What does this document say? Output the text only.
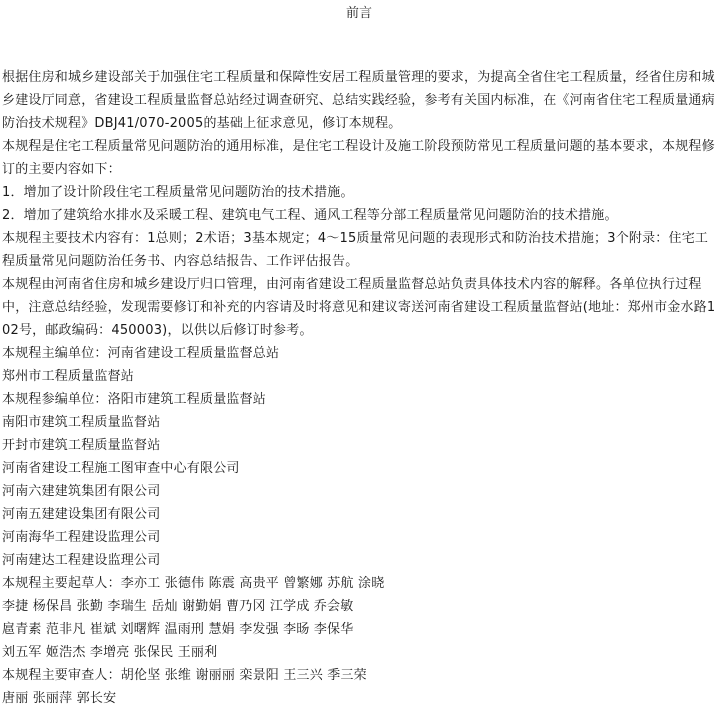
前言

根据住房和城乡建设部关于加强住宅工程质量和保障性安居工程质量管理的要求，为提高全省住宅工程质量，经省住房和城乡建设厅同意，省建设工程质量监督总站经过调查研究、总结实践经验，参考有关国内标准，在《河南省住宅工程质量通病防治技术规程》DBJ41/070-2005的基础上征求意见，修订本规程。

本规程是住宅工程质量常见问题防治的通用标准，是住宅工程设计及施工阶段预防常见工程质量问题的基本要求，本规程修订的主要内容如下：

1．增加了设计阶段住宅工程质量常见问题防治的技术措施。

2．增加了建筑给水排水及采暖工程、建筑电气工程、通风工程等分部工程质量常见问题防治的技术措施。

本规程主要技术内容有：1总则；2术语；3基本规定；4～15质量常见问题的表现形式和防治技术措施；3个附录：住宅工程质量常见问题防治任务书、内容总结报告、工作评估报告。

本规程由河南省住房和城乡建设厅归口管理，由河南省建设工程质量监督总站负责具体技术内容的解释。各单位执行过程中，注意总结经验，发现需要修订和补充的内容请及时将意见和建议寄送河南省建设工程质量监督站(地址：郑州市金水路102号，邮政编码：450003)，以供以后修订时参考。

本规程主编单位：河南省建设工程质量监督总站

郑州市工程质量监督站

本规程参编单位：洛阳市建筑工程质量监督站

南阳市建筑工程质量监督站

开封市建筑工程质量监督站

河南省建设工程施工图审查中心有限公司

河南六建建筑集团有限公司

河南五建建设集团有限公司

河南海华工程建设监理公司

河南建达工程建设监理公司

本规程主要起草人：李亦工 张德伟 陈震 高贵平 曾繁娜 苏航 涂晓

李捷 杨保昌 张勤 李瑞生 岳灿 谢勤娟 曹乃冈 江学成 乔会敏

扈青素 范非凡 崔斌 刘曙辉 温雨刑 慧娟 李发强 李旸 李保华

刘五军 姬浩杰 李增亮 张保民 王丽利

本规程主要审查人：胡伦坚 张维 谢丽丽 栾景阳 王三兴 季三荣

唐丽 张丽萍 郭长安
